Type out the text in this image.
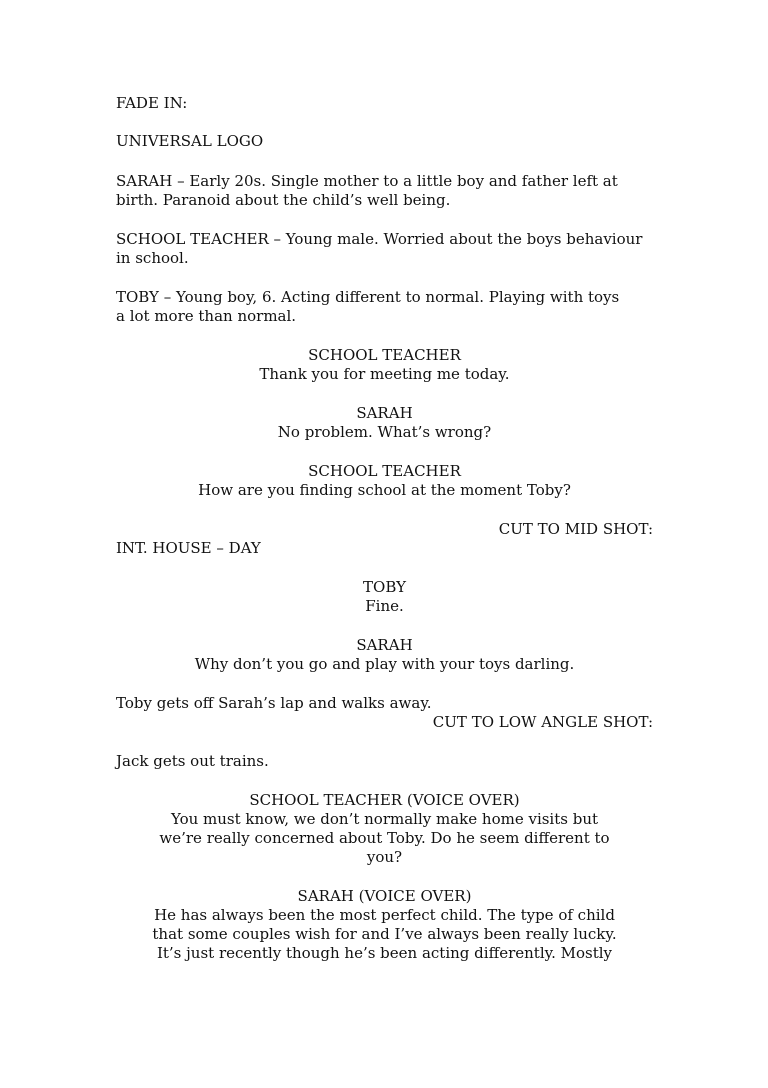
FADE IN:
UNIVERSAL LOGO
SARAH – Early 20s. Single mother to a little boy and father left at
birth. Paranoid about the child’s well being.
SCHOOL TEACHER – Young male. Worried about the boys behaviour
in school.
TOBY – Young boy, 6. Acting different to normal. Playing with toys
a lot more than normal.
SCHOOL TEACHER
Thank you for meeting me today.
SARAH
No problem. What’s wrong?
SCHOOL TEACHER
How are you finding school at the moment Toby?
CUT TO MID SHOT:
INT. HOUSE – DAY
TOBY
Fine.
SARAH
Why don’t you go and play with your toys darling.
Toby gets off Sarah’s lap and walks away.
CUT TO LOW ANGLE SHOT:
Jack gets out trains.
SCHOOL TEACHER (VOICE OVER)
You must know, we don’t normally make home visits but
we’re really concerned about Toby. Do he seem different to
you?
SARAH (VOICE OVER)
He has always been the most perfect child. The type of child
that some couples wish for and I’ve always been really lucky.
It’s just recently though he’s been acting differently. Mostly
